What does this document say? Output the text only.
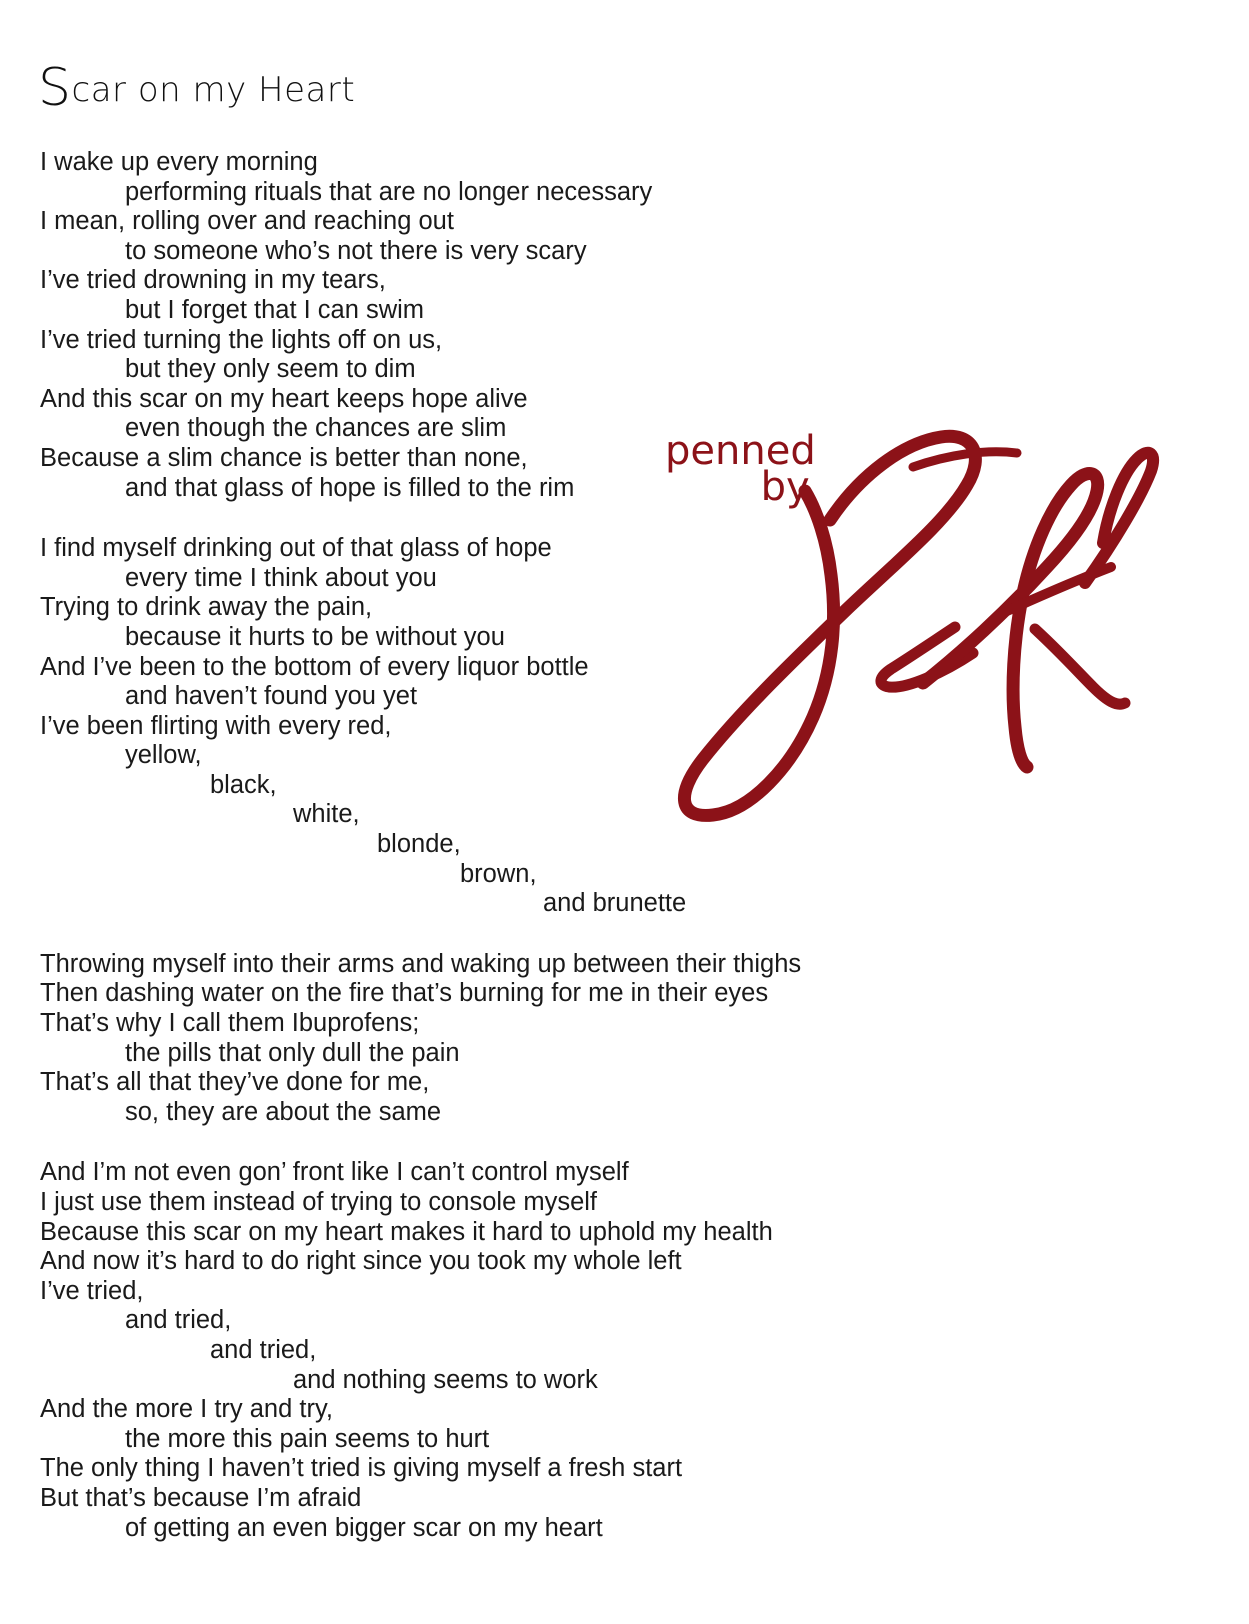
Scar on my Heart
I wake up every morning
performing rituals that are no longer necessary
I mean, rolling over and reaching out
to someone who’s not there is very scary
I’ve tried drowning in my tears,
but I forget that I can swim
I’ve tried turning the lights off on us,
but they only seem to dim
And this scar on my heart keeps hope alive
even though the chances are slim
Because a slim chance is better than none,
and that glass of hope is filled to the rim
I find myself drinking out of that glass of hope
every time I think about you
Trying to drink away the pain,
because it hurts to be without you
And I’ve been to the bottom of every liquor bottle
and haven’t found you yet
I’ve been flirting with every red,
yellow,
black,
white,
blonde,
brown,
and brunette
Throwing myself into their arms and waking up between their thighs
Then dashing water on the fire that’s burning for me in their eyes
That’s why I call them Ibuprofens;
the pills that only dull the pain
That’s all that they’ve done for me,
so, they are about the same
And I’m not even gon’ front like I can’t control myself
I just use them instead of trying to console myself
Because this scar on my heart makes it hard to uphold my health
And now it’s hard to do right since you took my whole left
I’ve tried,
and tried,
and tried,
and nothing seems to work
And the more I try and try,
the more this pain seems to hurt
The only thing I haven’t tried is giving myself a fresh start
But that’s because I’m afraid
of getting an even bigger scar on my heart
penned
by
